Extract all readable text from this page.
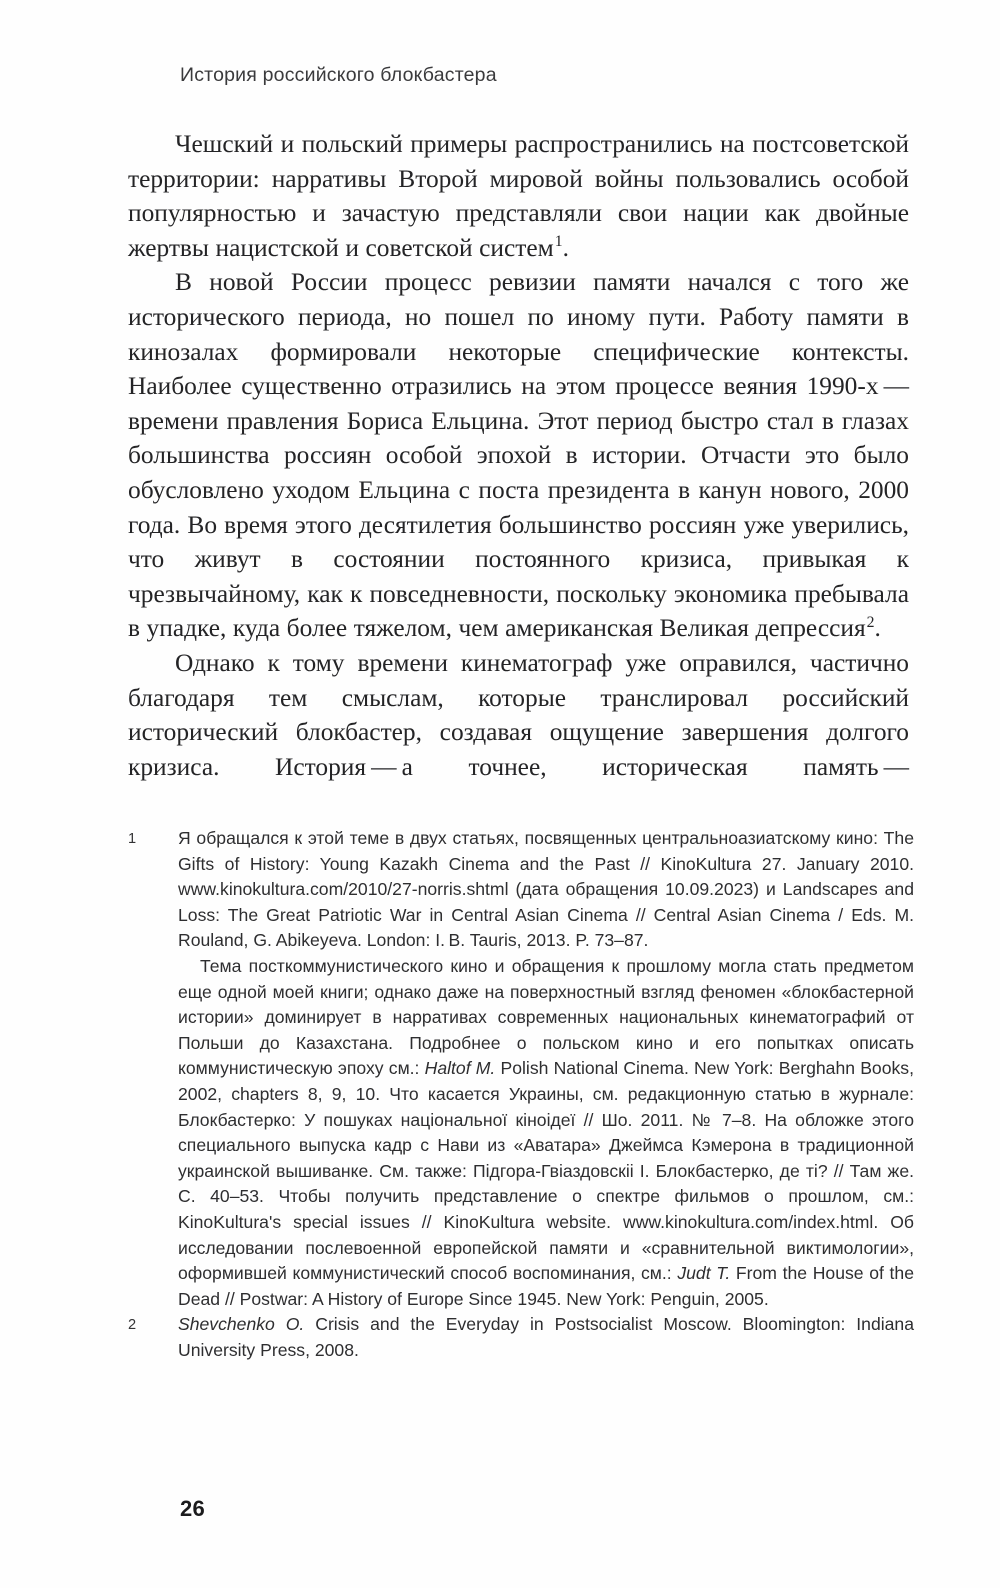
История российского блокбастера

Чешский и польский примеры распространились на постсоветской территории: нарративы Второй мировой войны пользовались особой популярностью и зачастую представляли свои нации как двойные жертвы нацистской и советской систем$^1$.

В новой России процесс ревизии памяти начался с того же исторического периода, но пошел по иному пути. Работу памяти в кинозалах формировали некоторые специфические контексты. Наиболее существенно отразились на этом процессе веяния 1990-х — времени правления Бориса Ельцина. Этот период быстро стал в глазах большинства россиян особой эпохой в истории. Отчасти это было обусловлено уходом Ельцина с поста президента в канун нового, 2000 года. Во время этого десятилетия большинство россиян уже уверились, что живут в состоянии постоянного кризиса, привыкая к чрезвычайному, как к повседневности, поскольку экономика пребывала в упадке, куда более тяжелом, чем американская Великая депрессия$^2$.

Однако к тому времени кинематограф уже оправился, частично благодаря тем смыслам, которые транслировал российский исторический блокбастер, создавая ощущение завершения долгого кризиса. История — а точнее, историческая память —

1	Я обращался к этой теме в двух статьях, посвященных центральноазиатскому кино: The Gifts of History: Young Kazakh Cinema and the Past // KinoKultura 27. January 2010. www.kinokultura.com/2010/27-norris.shtml (дата обращения 10.09.2023) и Landscapes and Loss: The Great Patriotic War in Central Asian Cinema // Central Asian Cinema / Eds. M. Rouland, G. Abikeyeva. London: I. B. Tauris, 2013. P. 73–87.
Тема посткоммунистического кино и обращения к прошлому могла стать предметом еще одной моей книги; однако даже на поверхностный взгляд феномен «блокбастерной истории» доминирует в нарративах современных национальных кинематографий от Польши до Казахстана. Подробнее о польском кино и его попытках описать коммунистическую эпоху см.: Haltof M. Polish National Cinema. New York: Berghahn Books, 2002, chapters 8, 9, 10. Что касается Украины, см. редакционную статью в журнале: Блокбастерко: У пошуках національної кіноідеї // Шо. 2011. № 7–8. На обложке этого специального выпуска кадр с Нави из «Аватара» Джеймса Кэмерона в традиционной украинской вышиванке. См. также: Підгора-Гвіаздовскіі І. Блокбастерко, де ті? // Там же. С. 40–53. Чтобы получить представление о спектре фильмов о прошлом, см.: KinoKultura's special issues // KinoKultura website. www.kinokultura.com/index.html. Об исследовании послевоенной европейской памяти и «сравнительной виктимологии», оформившей коммунистический способ воспоминания, см.: Judt T. From the House of the Dead // Postwar: A History of Europe Since 1945. New York: Penguin, 2005.
2	Shevchenko O. Crisis and the Everyday in Postsocialist Moscow. Bloomington: Indiana University Press, 2008.
26
